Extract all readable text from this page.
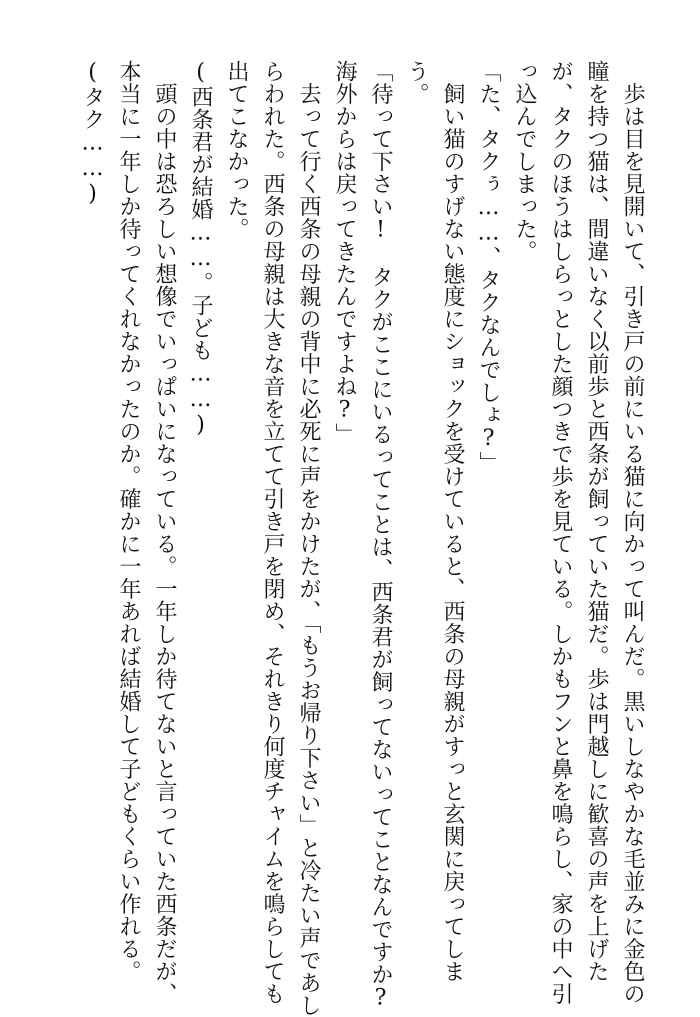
　歩は目を見開いて、引き戸の前にいる猫に向かって叫んだ。黒いしなやかな毛並みに金色の
瞳を持つ猫は、間違いなく以前歩と西条が飼っていた猫だ。歩は門越しに歓喜の声を上げた
が、タクのほうはしらっとした顔つきで歩を見ている。しかもフンと鼻を鳴らし、家の中へ引
っ込んでしまった。
「た、タクぅ……、タクなんでしょ?」
　飼い猫のすげない態度にショックを受けていると、西条の母親がすっと玄関に戻ってしま
う。
「待って下さい!　タクがここにいるってことは、西条君が飼ってないってことなんですか?
海外からは戻ってきたんですよね?」
　去って行く西条の母親の背中に必死に声をかけたが、「もうお帰り下さい」と冷たい声であし
らわれた。西条の母親は大きな音を立てて引き戸を閉め、それきり何度チャイムを鳴らしても
出てこなかった。
(西条君が結婚……。子ども……)
　頭の中は恐ろしい想像でいっぱいになっている。一年しか待てないと言っていた西条だが、
本当に一年しか待ってくれなかったのか。確かに一年あれば結婚して子どもくらい作れる。
(タク……)
